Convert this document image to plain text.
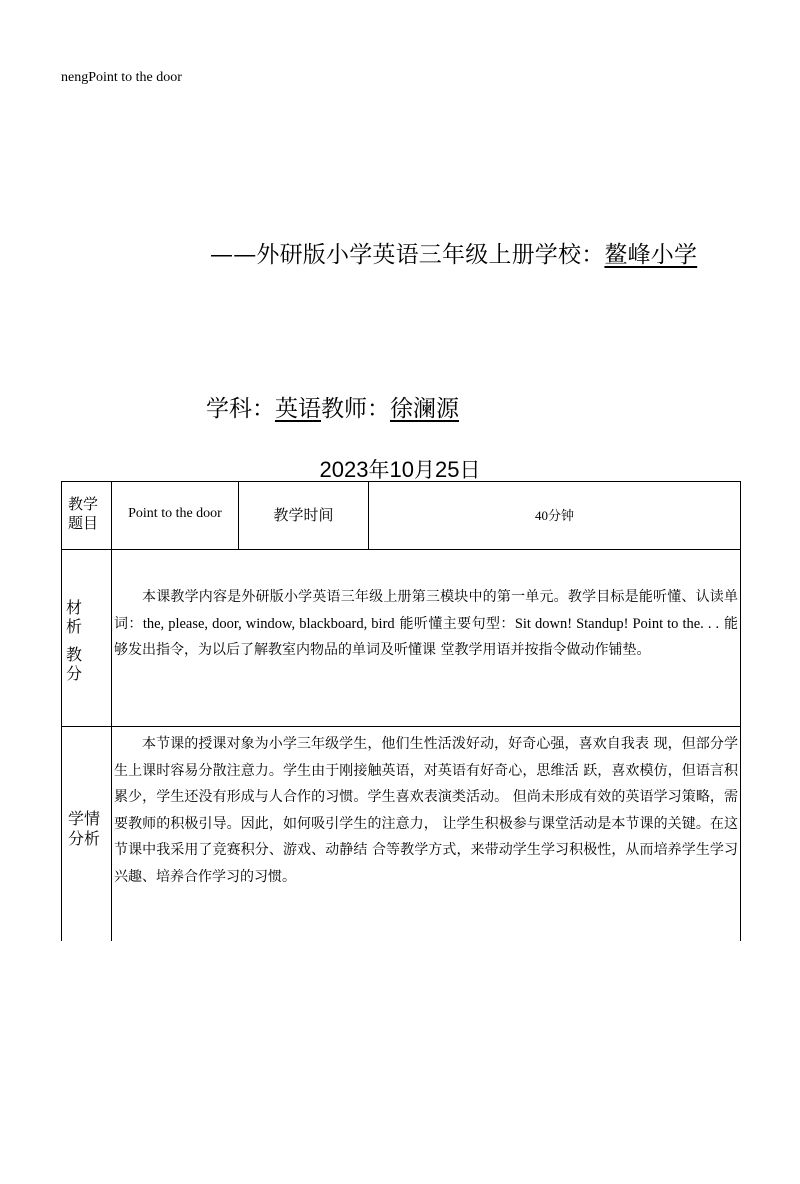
nengPoint to the door
——外研版小学英语三年级上册学校：鳌峰小学
学科：英语教师：徐澜源
2023年10月25日
教学
题目
Point to the door	教学时间	40分钟
材
析
教
分
本课教学内容是外研版小学英语三年级上册第三模块中的第一单元。教学目标是能听懂、认读单词：the, please, door, window, blackboard, bird 能听懂主要句型：Sit down! Standup! Point to the. . . 能够发出指令，为以后了解教室内物品的单词及听懂课 堂教学用语并按指令做动作铺垫。
学情
分析
本节课的授课对象为小学三年级学生，他们生性活泼好动，好奇心强，喜欢自我表 现，但部分学生上课时容易分散注意力。学生由于刚接触英语，对英语有好奇心，思维活 跃，喜欢模仿，但语言积累少，学生还没有形成与人合作的习惯。学生喜欢表演类活动。 但尚未形成有效的英语学习策略，需要教师的积极引导。因此，如何吸引学生的注意力， 让学生积极参与课堂活动是本节课的关键。在这节课中我采用了竞赛积分、游戏、动静结 合等教学方式，来带动学生学习积极性，从而培养学生学习兴趣、培养合作学习的习惯。
